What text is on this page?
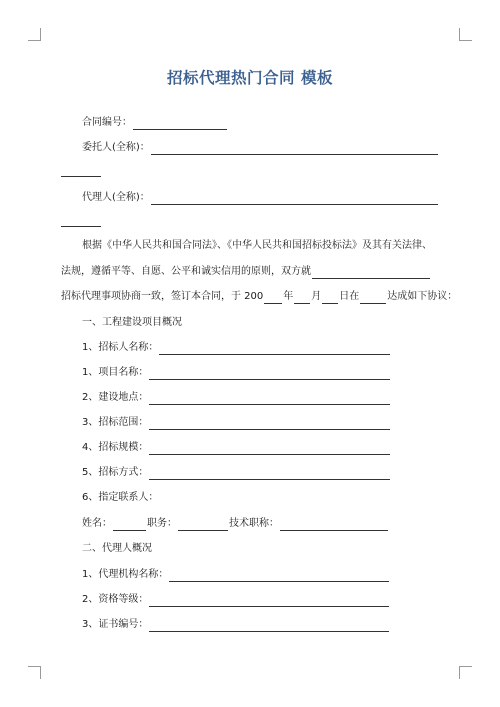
招标代理热门合同 模板
合同编号：
委托人(全称)：
代理人(全称)：
根据《中华人民共和国合同法》、《中华人民共和国招标投标法》及其有关法律、
法规，遵循平等、自愿、公平和诚实信用的原则，双方就
招标代理事项协商一致，签订本合同，于 200 年 月 日在	达成如下协议：
一、工程建设项目概况
1、招标人名称：
1、项目名称：
2、建设地点：
3、招标范围：
4、招标规模：
5、招标方式：
6、指定联系人：
姓名：	职务：	技术职称：
二、代理人概况
1、代理机构名称：
2、资格等级：
3、证书编号：
